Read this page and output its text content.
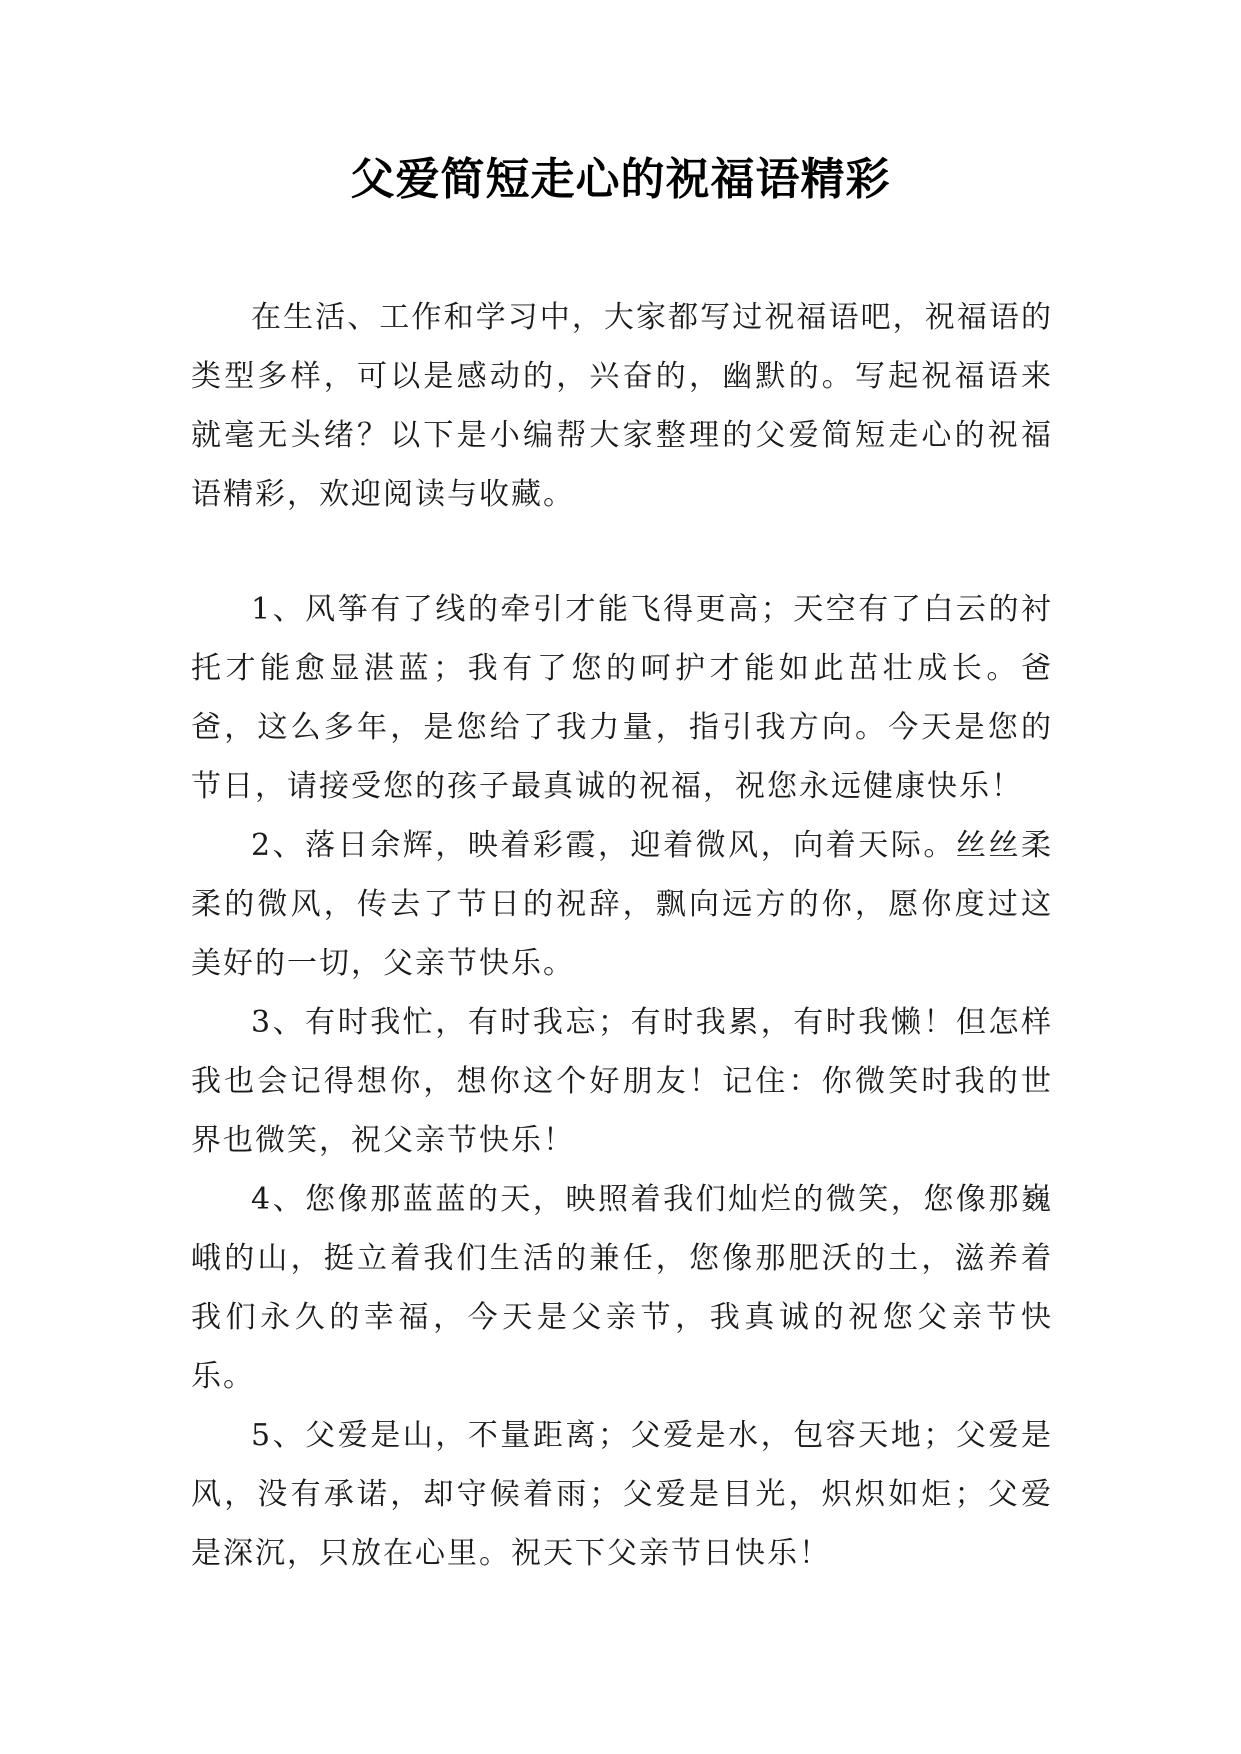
父爱简短走心的祝福语精彩

在生活、工作和学习中，大家都写过祝福语吧，祝福语的类型多样，可以是感动的，兴奋的，幽默的。写起祝福语来就毫无头绪？以下是小编帮大家整理的父爱简短走心的祝福语精彩，欢迎阅读与收藏。

1、风筝有了线的牵引才能飞得更高；天空有了白云的衬托才能愈显湛蓝；我有了您的呵护才能如此茁壮成长。爸爸，这么多年，是您给了我力量，指引我方向。今天是您的节日，请接受您的孩子最真诚的祝福，祝您永远健康快乐！

2、落日余辉，映着彩霞，迎着微风，向着天际。丝丝柔柔的微风，传去了节日的祝辞，飘向远方的你，愿你度过这美好的一切，父亲节快乐。

3、有时我忙，有时我忘；有时我累，有时我懒！但怎样我也会记得想你，想你这个好朋友！记住：你微笑时我的世界也微笑，祝父亲节快乐！

4、您像那蓝蓝的天，映照着我们灿烂的微笑，您像那巍峨的山，挺立着我们生活的兼任，您像那肥沃的土，滋养着我们永久的幸福，今天是父亲节，我真诚的祝您父亲节快乐。

5、父爱是山，不量距离；父爱是水，包容天地；父爱是风，没有承诺，却守候着雨；父爱是目光，炽炽如炬；父爱是深沉，只放在心里。祝天下父亲节日快乐！
